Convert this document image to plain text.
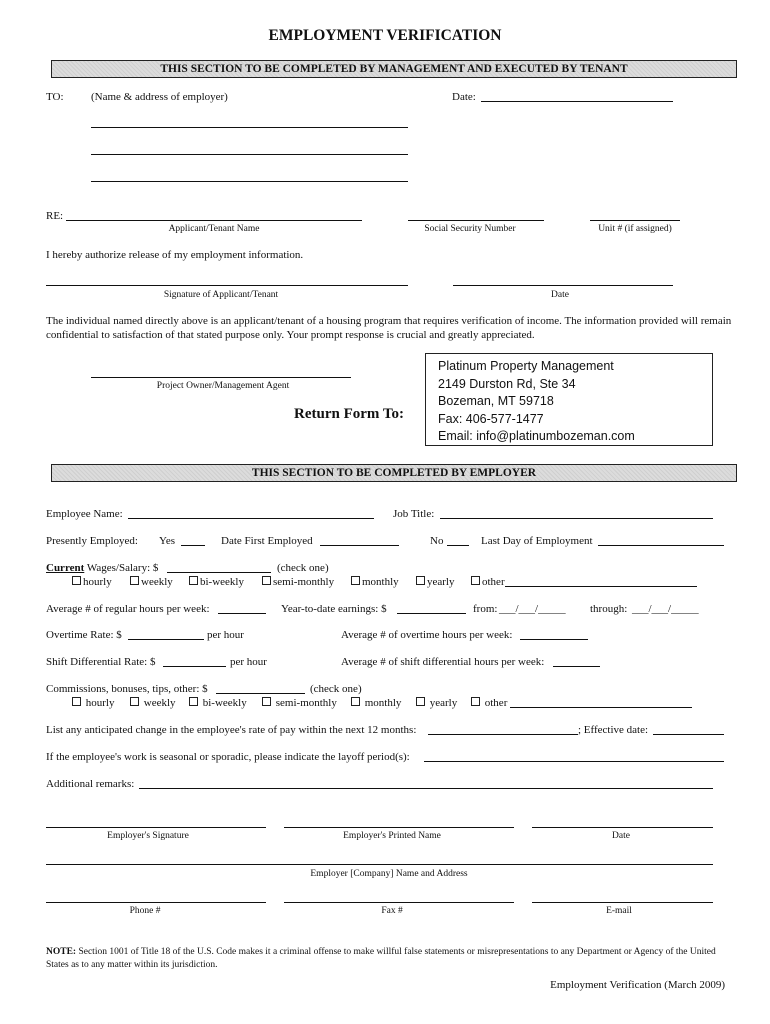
EMPLOYMENT VERIFICATION
THIS SECTION TO BE COMPLETED BY MANAGEMENT AND EXECUTED BY TENANT
TO: (Name & address of employer)	Date:
RE:
Applicant/Tenant Name	Social Security Number	Unit # (if assigned)
I hereby authorize release of my employment information.
Signature of Applicant/Tenant	Date
The individual named directly above is an applicant/tenant of a housing program that requires verification of income. The information provided will remain confidential to satisfaction of that stated purpose only. Your prompt response is crucial and greatly appreciated.
Project Owner/Management Agent
Return Form To:
Platinum Property Management
2149 Durston Rd, Ste 34
Bozeman, MT 59718
Fax: 406-577-1477
Email: info@platinumbozeman.com
THIS SECTION TO BE COMPLETED BY EMPLOYER
Employee Name:	Job Title:
Presently Employed: Yes	Date First Employed	No	Last Day of Employment
Current Wages/Salary: $	(check one)
hourly	weekly	bi-weekly	semi-monthly	monthly	yearly	other
Average # of regular hours per week:	Year-to-date earnings: $	from: ___/___/_____ through: ___/___/_____
Overtime Rate: $	per hour	Average # of overtime hours per week:
Shift Differential Rate: $	per hour	Average # of shift differential hours per week:
Commissions, bonuses, tips, other: $	(check one)
hourly	weekly	bi-weekly	semi-monthly	monthly	yearly	other
List any anticipated change in the employee's rate of pay within the next 12 months:	; Effective date:
If the employee's work is seasonal or sporadic, please indicate the layoff period(s):
Additional remarks:
Employer's Signature	Employer's Printed Name	Date
Employer [Company] Name and Address
Phone #	Fax #	E-mail
NOTE: Section 1001 of Title 18 of the U.S. Code makes it a criminal offense to make willful false statements or misrepresentations to any Department or Agency of the United States as to any matter within its jurisdiction.
Employment Verification (March 2009)
